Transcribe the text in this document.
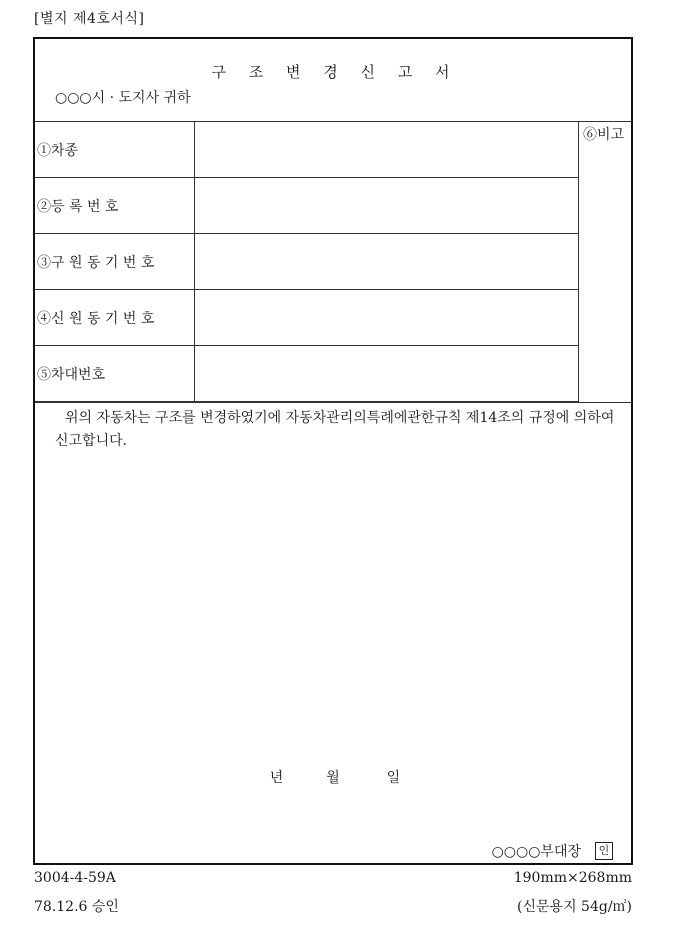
[별지 제4호서식]
구 조 변 경 신 고 서
○○○시 · 도지사 귀하
①차종
②등 록 번 호
③구 원 동 기 번 호
④신 원 동 기 번 호
⑤차대번호
⑥비고
위의 자동차는 구조를 변경하였기에 자동차관리의특례에관한규칙 제14조의 규정에 의하여 신고합니다.
년	월	일
○○○○부대장	인
3004-4-59A
78.12.6 승인
190mm×268mm
(신문용지 54g/㎡)
